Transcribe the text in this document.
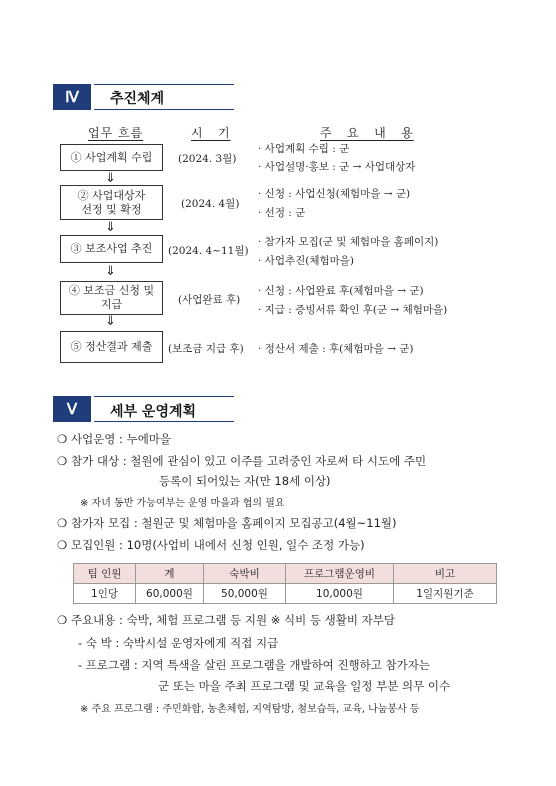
Ⅳ	추진체계
업무 흐름	시   기	주   요   내   용
① 사업계획 수립	(2024. 3월)
· 사업계획 수립 : 군
· 사업설명·홍보 : 군 → 사업대상자
⇓
② 사업대상자
선정 및 확정	(2024. 4월)
· 신청 : 사업신청(체험마을 → 군)
· 선정 : 군
⇓
③ 보조사업 추진	(2024. 4~11월)
· 참가자 모집(군 및 체험마을 홈페이지)
· 사업추진(체험마을)
⇓
④ 보조금 신청 및
지급	(사업완료 후)
· 신청 : 사업완료 후(체험마을 → 군)
· 지급 : 증빙서류 확인 후(군 → 체험마을)
⇓
⑤ 정산결과 제출	(보조금 지급 후) · 정산서 제출 : 후(체험마을 → 군)
Ⅴ	세부 운영계획
❍ 사업운영 : 누에마을
❍ 참가 대상 : 철원에 관심이 있고 이주를 고려중인 자로써 타 시도에 주민
등록이 되어있는 자(만 18세 이상)
※ 자녀 동반 가능여부는 운영 마을과 협의 필요
❍ 참가자 모집 : 철원군 및 체험마을 홈페이지 모집공고(4월~11월)
❍ 모집인원 : 10명(사업비 내에서 신청 인원, 일수 조정 가능)
팀 인원	계	숙박비	프로그램운영비	비고
1인당	60,000원	50,000원	10,000원	1일지원기준
❍ 주요내용 : 숙박, 체험 프로그램 등 지원 ※ 식비 등 생활비 자부담
- 숙 박 : 숙박시설 운영자에게 직접 지급
- 프로그램 : 지역 특색을 살린 프로그램을 개발하여 진행하고 참가자는
군 또는 마을 주최 프로그램 및 교육을 일정 부분 의무 이수
※ 주요 프로그램 : 주민화합, 농촌체험, 지역탐방, 첨보습득, 교육, 나눔봉사 등
